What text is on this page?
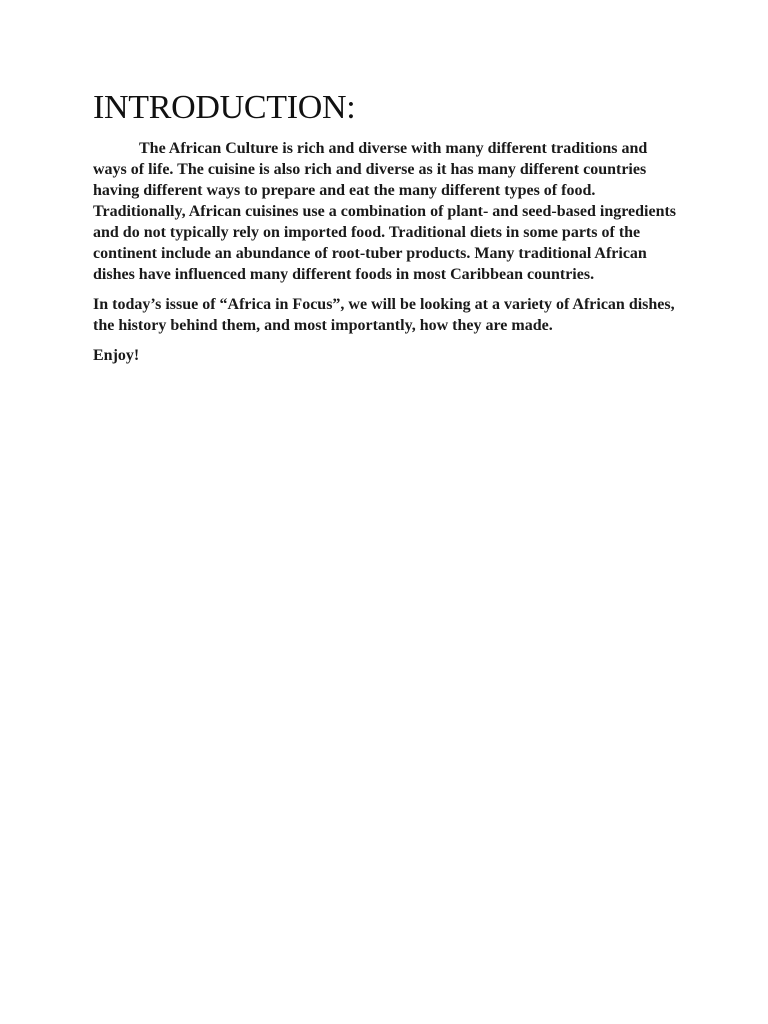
INTRODUCTION:

The African Culture is rich and diverse with many different traditions and ways of life. The cuisine is also rich and diverse as it has many different countries having different ways to prepare and eat the many different types of food. Traditionally, African cuisines use a combination of plant- and seed-based ingredients and do not typically rely on imported food. Traditional diets in some parts of the continent include an abundance of root-tuber products. Many traditional African dishes have influenced many different foods in most Caribbean countries.

In today’s issue of “Africa in Focus”, we will be looking at a variety of African dishes, the history behind them, and most importantly, how they are made.

Enjoy!
